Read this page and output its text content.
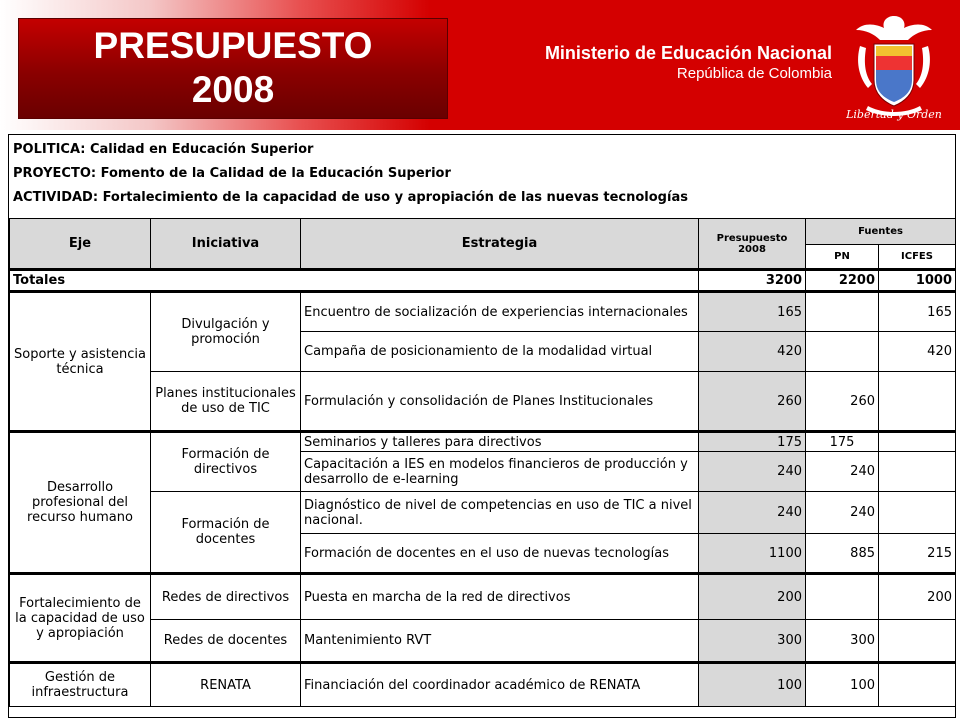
PRESUPUESTO
2008
Ministerio de Educación Nacional
República de Colombia
Libertad y Orden
POLITICA: Calidad en Educación Superior
PROYECTO: Fomento de la Calidad de la Educación Superior
ACTIVIDAD: Fortalecimiento de la capacidad de uso y apropiación de las nuevas tecnologías
Eje	Iniciativa	Estrategia	Presupuesto 2008	Fuentes	
				PN	ICFES
Totales			3200	2200	1000
Soporte y asistencia técnica	Divulgación y promoción	Encuentro de socialización de experiencias internacionales	165		165
		Campaña de posicionamiento de la modalidad virtual	420		420
	Planes institucionales de uso de TIC	Formulación y consolidación de Planes Institucionales	260	260	
Desarrollo profesional del recurso humano	Formación de directivos	Seminarios y talleres para directivos	175	175	
		Capacitación a IES en modelos financieros de producción y desarrollo de e-learning	240	240	
	Formación de docentes	Diagnóstico de nivel de competencias en uso de TIC a nivel nacional.	240	240	
		Formación de docentes en el uso de nuevas tecnologías	1100	885	215
Fortalecimiento de la capacidad de uso y apropiación	Redes de directivos	Puesta en marcha de la red de directivos	200		200
	Redes de docentes	Mantenimiento RVT	300	300	
Gestión de infraestructura	RENATA	Financiación del coordinador académico de RENATA	100	100	
